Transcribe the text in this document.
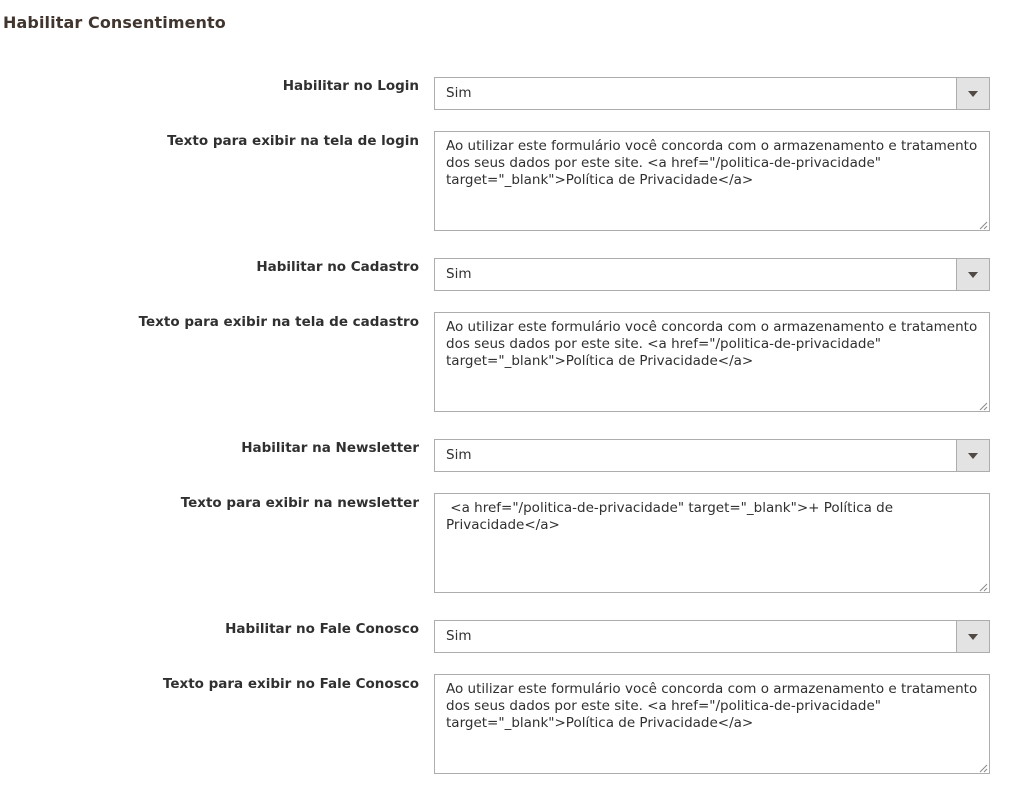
Habilitar Consentimento
Habilitar no Login Sim
Texto para exibir na tela de login	Ao utilizar este formulário você concorda com o armazenamento e tratamento dos seus dados por este site. <a href="/politica-de-privacidade" target="_blank">Política de Privacidade</a>
Habilitar no Cadastro Sim
Texto para exibir na tela de cadastro	Ao utilizar este formulário você concorda com o armazenamento e tratamento dos seus dados por este site. <a href="/politica-de-privacidade" target="_blank">Política de Privacidade</a>
Habilitar na Newsletter Sim
Texto para exibir na newsletter	<a href="/politica-de-privacidade" target="_blank">+ Política de Privacidade</a>
Habilitar no Fale Conosco Sim
Texto para exibir no Fale Conosco	Ao utilizar este formulário você concorda com o armazenamento e tratamento dos seus dados por este site. <a href="/politica-de-privacidade" target="_blank">Política de Privacidade</a>
